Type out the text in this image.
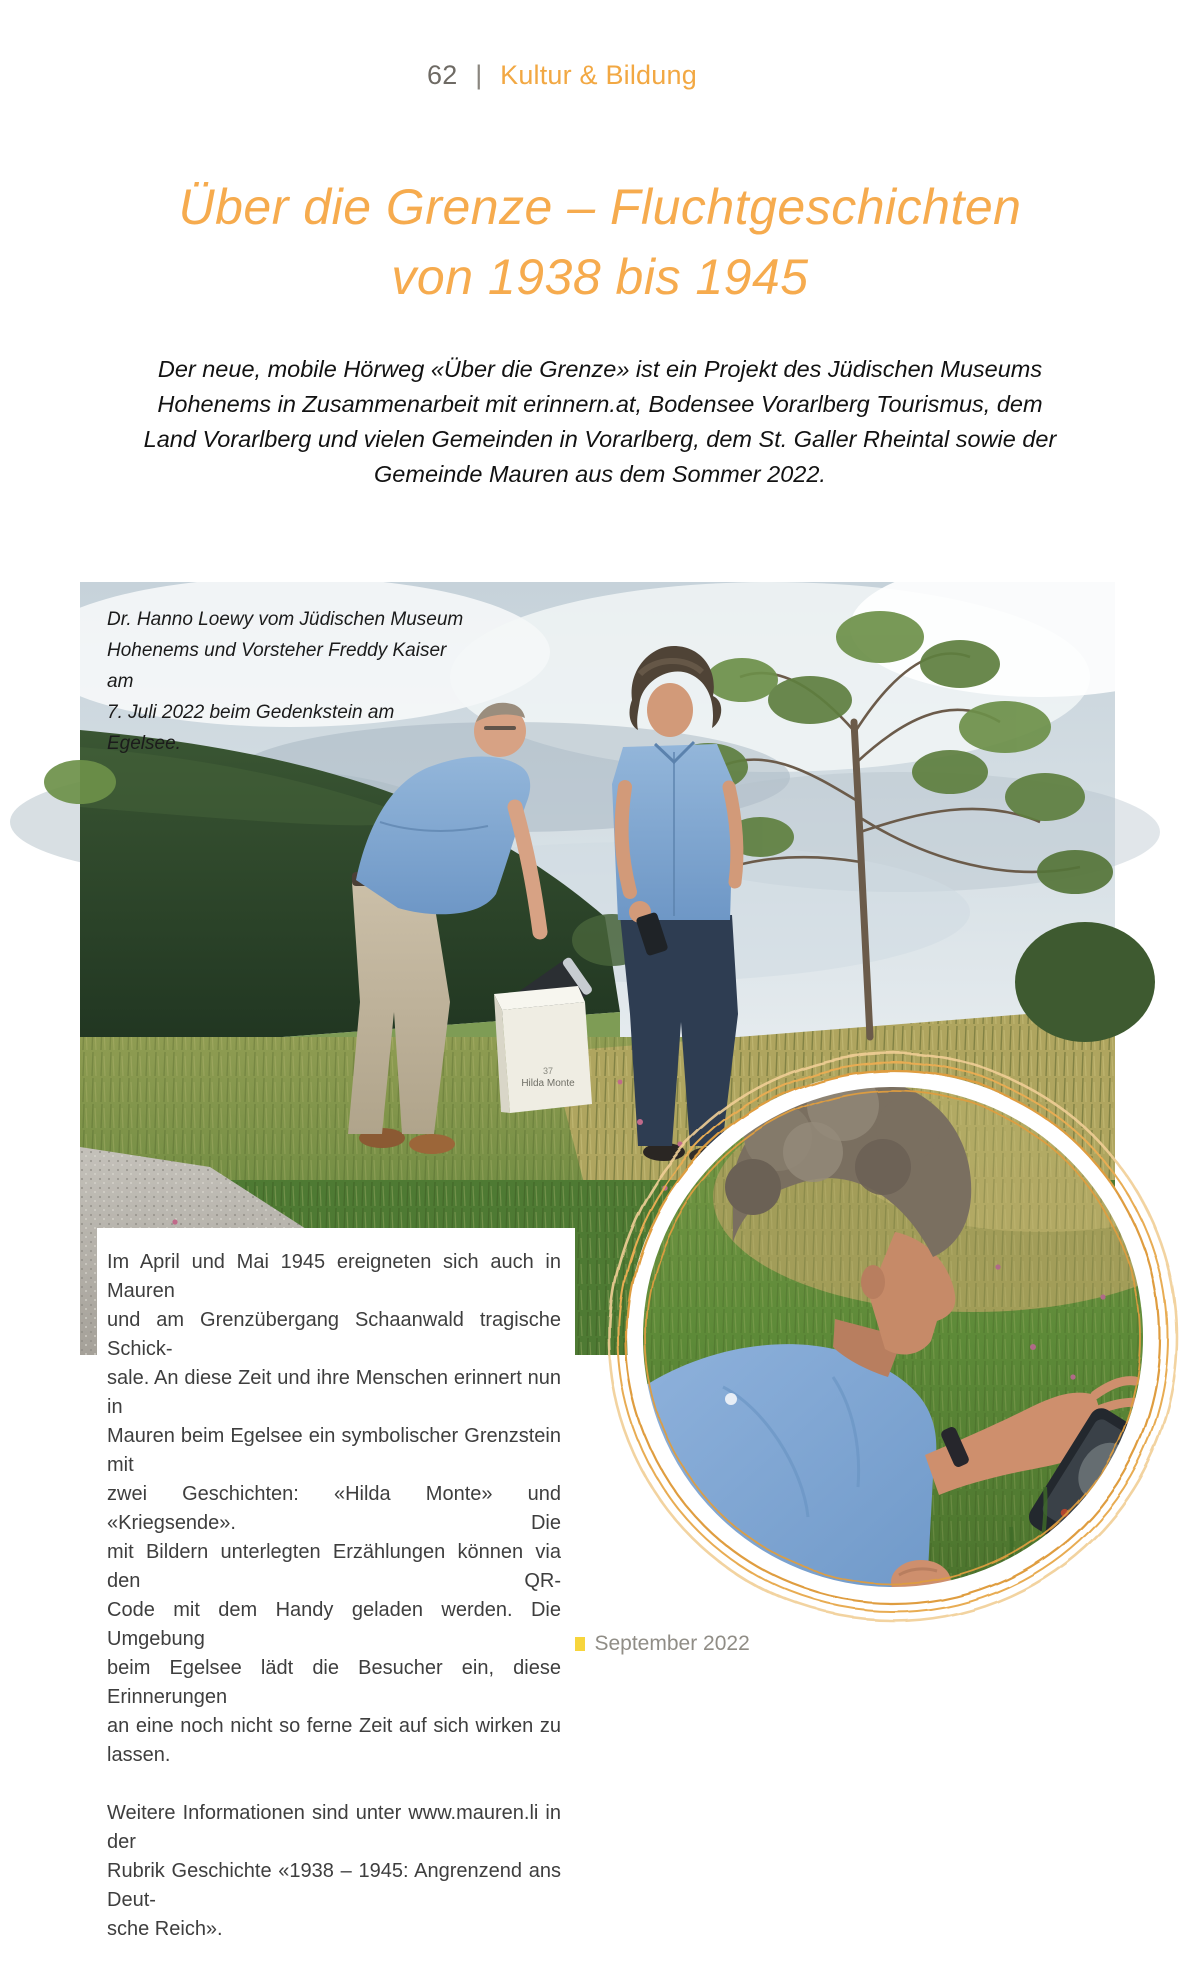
62 | Kultur & Bildung
Über die Grenze – Fluchtgeschichten
von 1938 bis 1945
Der neue, mobile Hörweg «Über die Grenze» ist ein Projekt des Jüdischen Museums
Hohenems in Zusammenarbeit mit erinnern.at, Bodensee Vorarlberg Tourismus, dem
Land Vorarlberg und vielen Gemeinden in Vorarlberg, dem St. Galler Rheintal sowie der
Gemeinde Mauren aus dem Sommer 2022.
37
Hilda Monte
Dr. Hanno Loewy vom Jüdischen Museum
Hohenems und Vorsteher Freddy Kaiser am
7. Juli 2022 beim Gedenkstein am Egelsee.
Im April und Mai 1945 ereigneten sich auch in Mauren
und am Grenzübergang Schaanwald tragische Schick-
sale. An diese Zeit und ihre Menschen erinnert nun in
Mauren beim Egelsee ein symbolischer Grenzstein mit
zwei Geschichten: «Hilda Monte» und «Kriegsende». Die
mit Bildern unterlegten Erzählungen können via den QR-
Code mit dem Handy geladen werden. Die Umgebung
beim Egelsee lädt die Besucher ein, diese Erinnerungen
an eine noch nicht so ferne Zeit auf sich wirken zu lassen.
Weitere Informationen sind unter www.mauren.li in der
Rubrik Geschichte «1938 – 1945: Angrenzend ans Deut-
sche Reich».
September 2022
